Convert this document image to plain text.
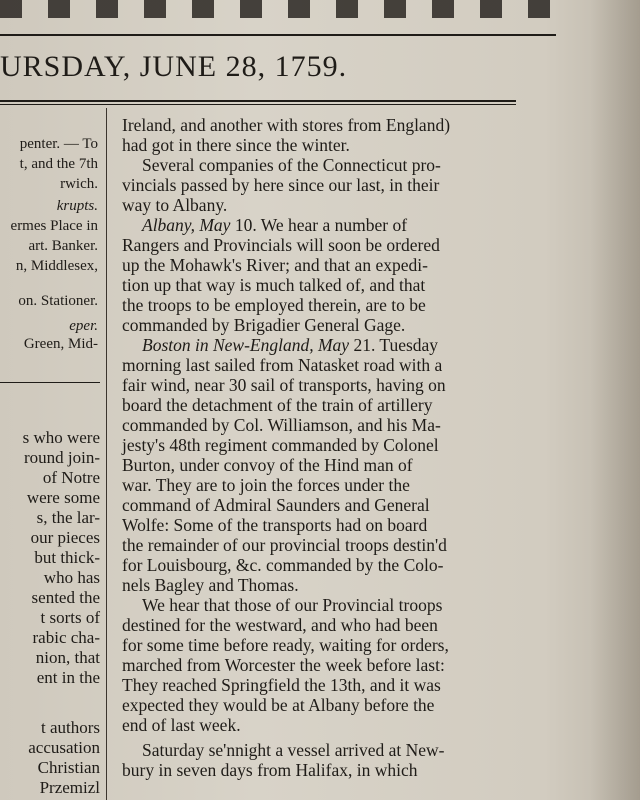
URSDAY, JUNE 28, 1759.
penter. — To
t, and the 7th
rwich.
krupts.
ermes Place in
art. Banker.
n, Middlesex,
on. Stationer.
eper.
Green, Mid-
s who were
round join-
of Notre
were some
s, the lar-
our pieces
but thick-
who has
sented the
t sorts of
rabic cha-
nion, that
ent in the
t authors
accusation
Christian
Przemizl
Ireland, and another with stores from England)
had got in there since the winter.
Several companies of the Connecticut pro-
vincials passed by here since our last, in their
way to Albany.
Albany, May 10. We hear a number of
Rangers and Provincials will soon be ordered
up the Mohawk's River; and that an expedi-
tion up that way is much talked of, and that
the troops to be employed therein, are to be
commanded by Brigadier General Gage.
Boston in New-England, May 21. Tuesday
morning last sailed from Natasket road with a
fair wind, near 30 sail of transports, having on
board the detachment of the train of artillery
commanded by Col. Williamson, and his Ma-
jesty's 48th regiment commanded by Colonel
Burton, under convoy of the Hind man of
war. They are to join the forces under the
command of Admiral Saunders and General
Wolfe: Some of the transports had on board
the remainder of our provincial troops destin'd
for Louisbourg, &c. commanded by the Colo-
nels Bagley and Thomas.
We hear that those of our Provincial troops
destined for the westward, and who had been
for some time before ready, waiting for orders,
marched from Worcester the week before last:
They reached Springfield the 13th, and it was
expected they would be at Albany before the
end of last week.
Saturday se'nnight a vessel arrived at New-
bury in seven days from Halifax, in which
